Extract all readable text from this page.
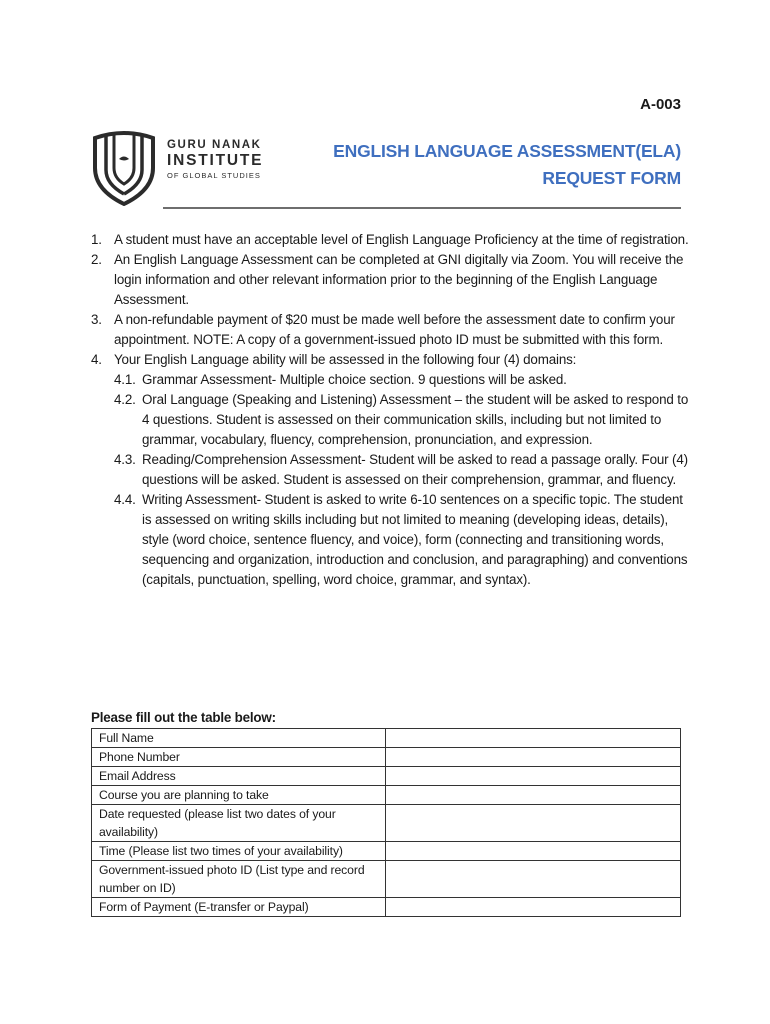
A-003
GURU NANAK
INSTITUTE
OF GLOBAL STUDIES
ENGLISH LANGUAGE ASSESSMENT(ELA)
REQUEST FORM
1. A student must have an acceptable level of English Language Proficiency at the time of registration.
2. An English Language Assessment can be completed at GNI digitally via Zoom. You will receive the login information and other relevant information prior to the beginning of the English Language Assessment.
3. A non-refundable payment of $20 must be made well before the assessment date to confirm your appointment. NOTE: A copy of a government-issued photo ID must be submitted with this form.
4. Your English Language ability will be assessed in the following four (4) domains:
4.1. Grammar Assessment- Multiple choice section. 9 questions will be asked.
4.2. Oral Language (Speaking and Listening) Assessment – the student will be asked to respond to 4 questions. Student is assessed on their communication skills, including but not limited to grammar, vocabulary, fluency, comprehension, pronunciation, and expression.
4.3. Reading/Comprehension Assessment- Student will be asked to read a passage orally. Four (4) questions will be asked. Student is assessed on their comprehension, grammar, and fluency.
4.4. Writing Assessment- Student is asked to write 6-10 sentences on a specific topic. The student is assessed on writing skills including but not limited to meaning (developing ideas, details), style (word choice, sentence fluency, and voice), form (connecting and transitioning words, sequencing and organization, introduction and conclusion, and paragraphing) and conventions (capitals, punctuation, spelling, word choice, grammar, and syntax).
Please fill out the table below:
Full Name	
Phone Number	
Email Address	
Course you are planning to take	
Date requested (please list two dates of your availability)	
Time (Please list two times of your availability)	
Government-issued photo ID (List type and record number on ID)	
Form of Payment (E-transfer or Paypal)	
